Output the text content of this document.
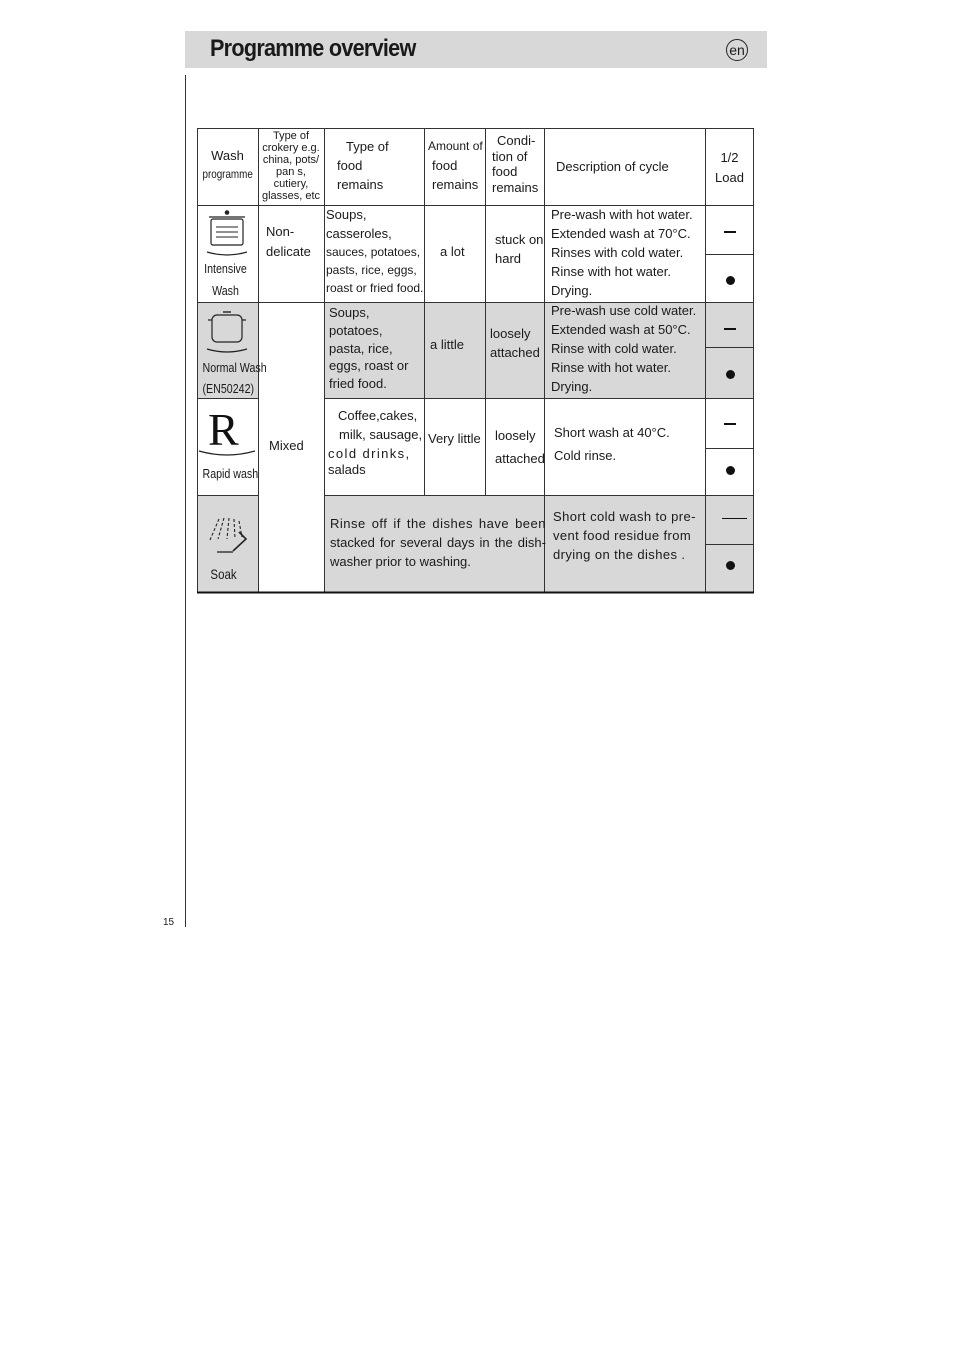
Programme overview	en
15
Wash
programme
Type of
crokery e.g.
china, pots/
pan s,
cutiery,
glasses, etc
Type of
food
remains
Amount of
food
remains
Condi-
tion of
food
remains
Description of cycle
1/2
Load
Intensive
Wash
Non-
delicate
Soups,
casseroles,
sauces, potatoes,
pasts, rice, eggs,
roast or fried food.
a lot
stuck on
hard
Pre-wash with hot water.
Extended wash at 70°C.
Rinses with cold water.
Rinse with hot water.
Drying.
Normal Wash
(EN50242)
Soups,
potatoes,
pasta, rice,
eggs, roast or
fried food.
a little
loosely
attached
Pre-wash use cold water.
Extended wash at 50°C.
Rinse with cold water.
Rinse with hot water.
Drying.
R
Rapid wash
Mixed
Coffee,cakes,
milk, sausage,
cold drinks,
salads
Very little	loosely
attached
Short wash at 40°C.
Cold rinse.
Soak
Rinse off if the dishes have been
stacked for several days in the dish-
washer prior to washing.
Short cold wash to pre-
vent food residue from
drying on the dishes .
